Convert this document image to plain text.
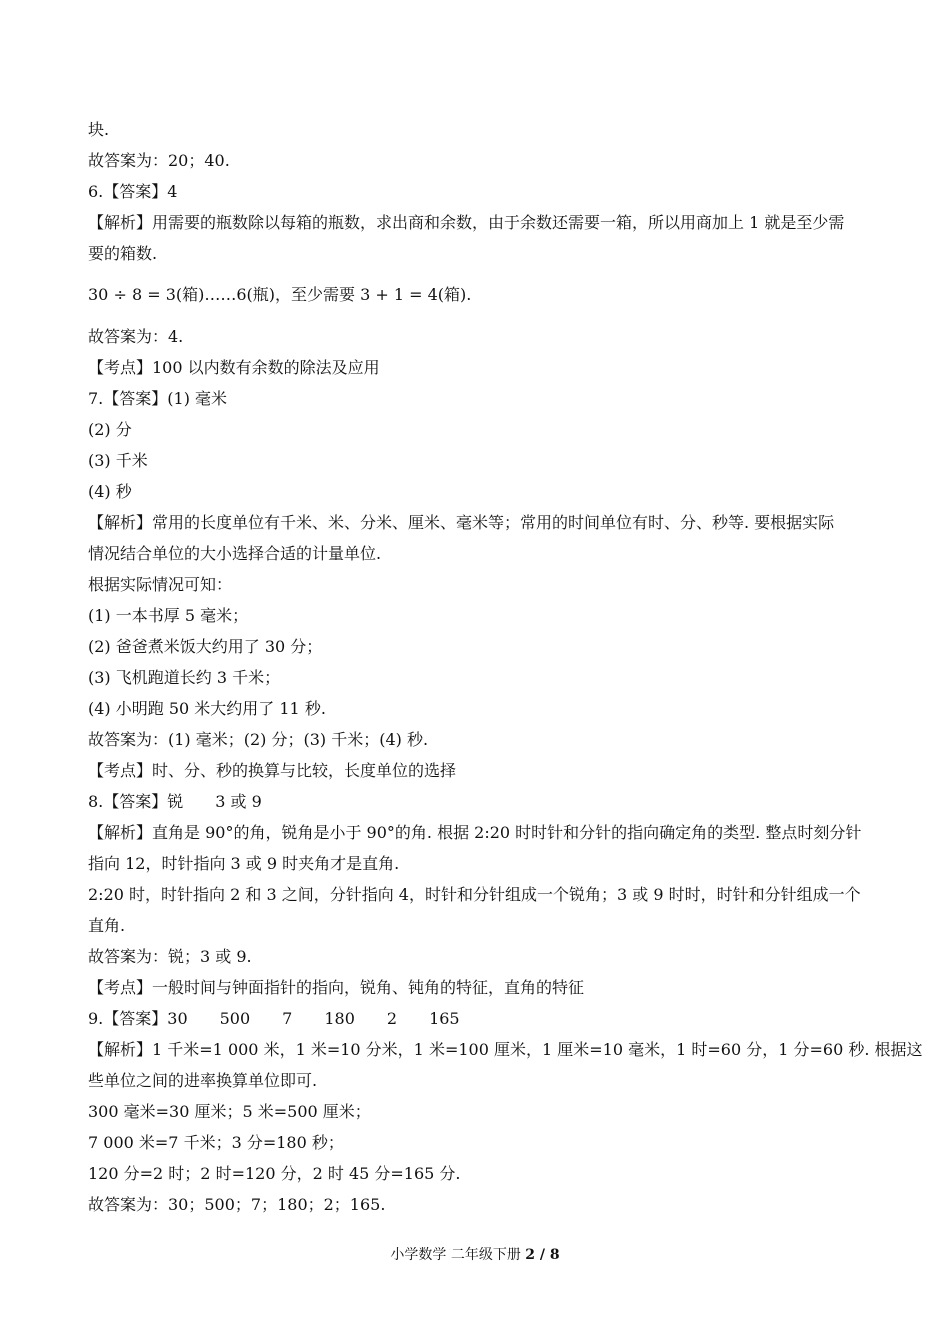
块.
故答案为：20；40.
6.【答案】4
【解析】用需要的瓶数除以每箱的瓶数，求出商和余数，由于余数还需要一箱，所以用商加上 1 就是至少需
要的箱数.
30 ÷ 8 = 3(箱)……6(瓶)，至少需要 3 + 1 = 4(箱).
故答案为：4.
【考点】100 以内数有余数的除法及应用
7.【答案】(1) 毫米
(2) 分
(3) 千米
(4) 秒
【解析】常用的长度单位有千米、米、分米、厘米、毫米等；常用的时间单位有时、分、秒等. 要根据实际
情况结合单位的大小选择合适的计量单位.
根据实际情况可知：
(1) 一本书厚 5 毫米；
(2) 爸爸煮米饭大约用了 30 分；
(3) 飞机跑道长约 3 千米；
(4) 小明跑 50 米大约用了 11 秒.
故答案为：(1) 毫米；(2) 分；(3) 千米；(4) 秒.
【考点】时、分、秒的换算与比较，长度单位的选择
8.【答案】锐　　3 或 9
【解析】直角是 90°的角，锐角是小于 90°的角. 根据 2:20 时时针和分针的指向确定角的类型. 整点时刻分针
指向 12，时针指向 3 或 9 时夹角才是直角.
2:20 时，时针指向 2 和 3 之间，分针指向 4，时针和分针组成一个锐角；3 或 9 时时，时针和分针组成一个
直角.
故答案为：锐；3 或 9.
【考点】一般时间与钟面指针的指向，锐角、钝角的特征，直角的特征
9.【答案】30　　500　　7　　180　　2　　165
【解析】1 千米=1 000 米，1 米=10 分米，1 米=100 厘米，1 厘米=10 毫米，1 时=60 分，1 分=60 秒. 根据这
些单位之间的进率换算单位即可.
300 毫米=30 厘米；5 米=500 厘米；
7 000 米=7 千米；3 分=180 秒；
120 分=2 时；2 时=120 分，2 时 45 分=165 分.
故答案为：30；500；7；180；2；165.
小学数学 二年级下册 2 / 8
